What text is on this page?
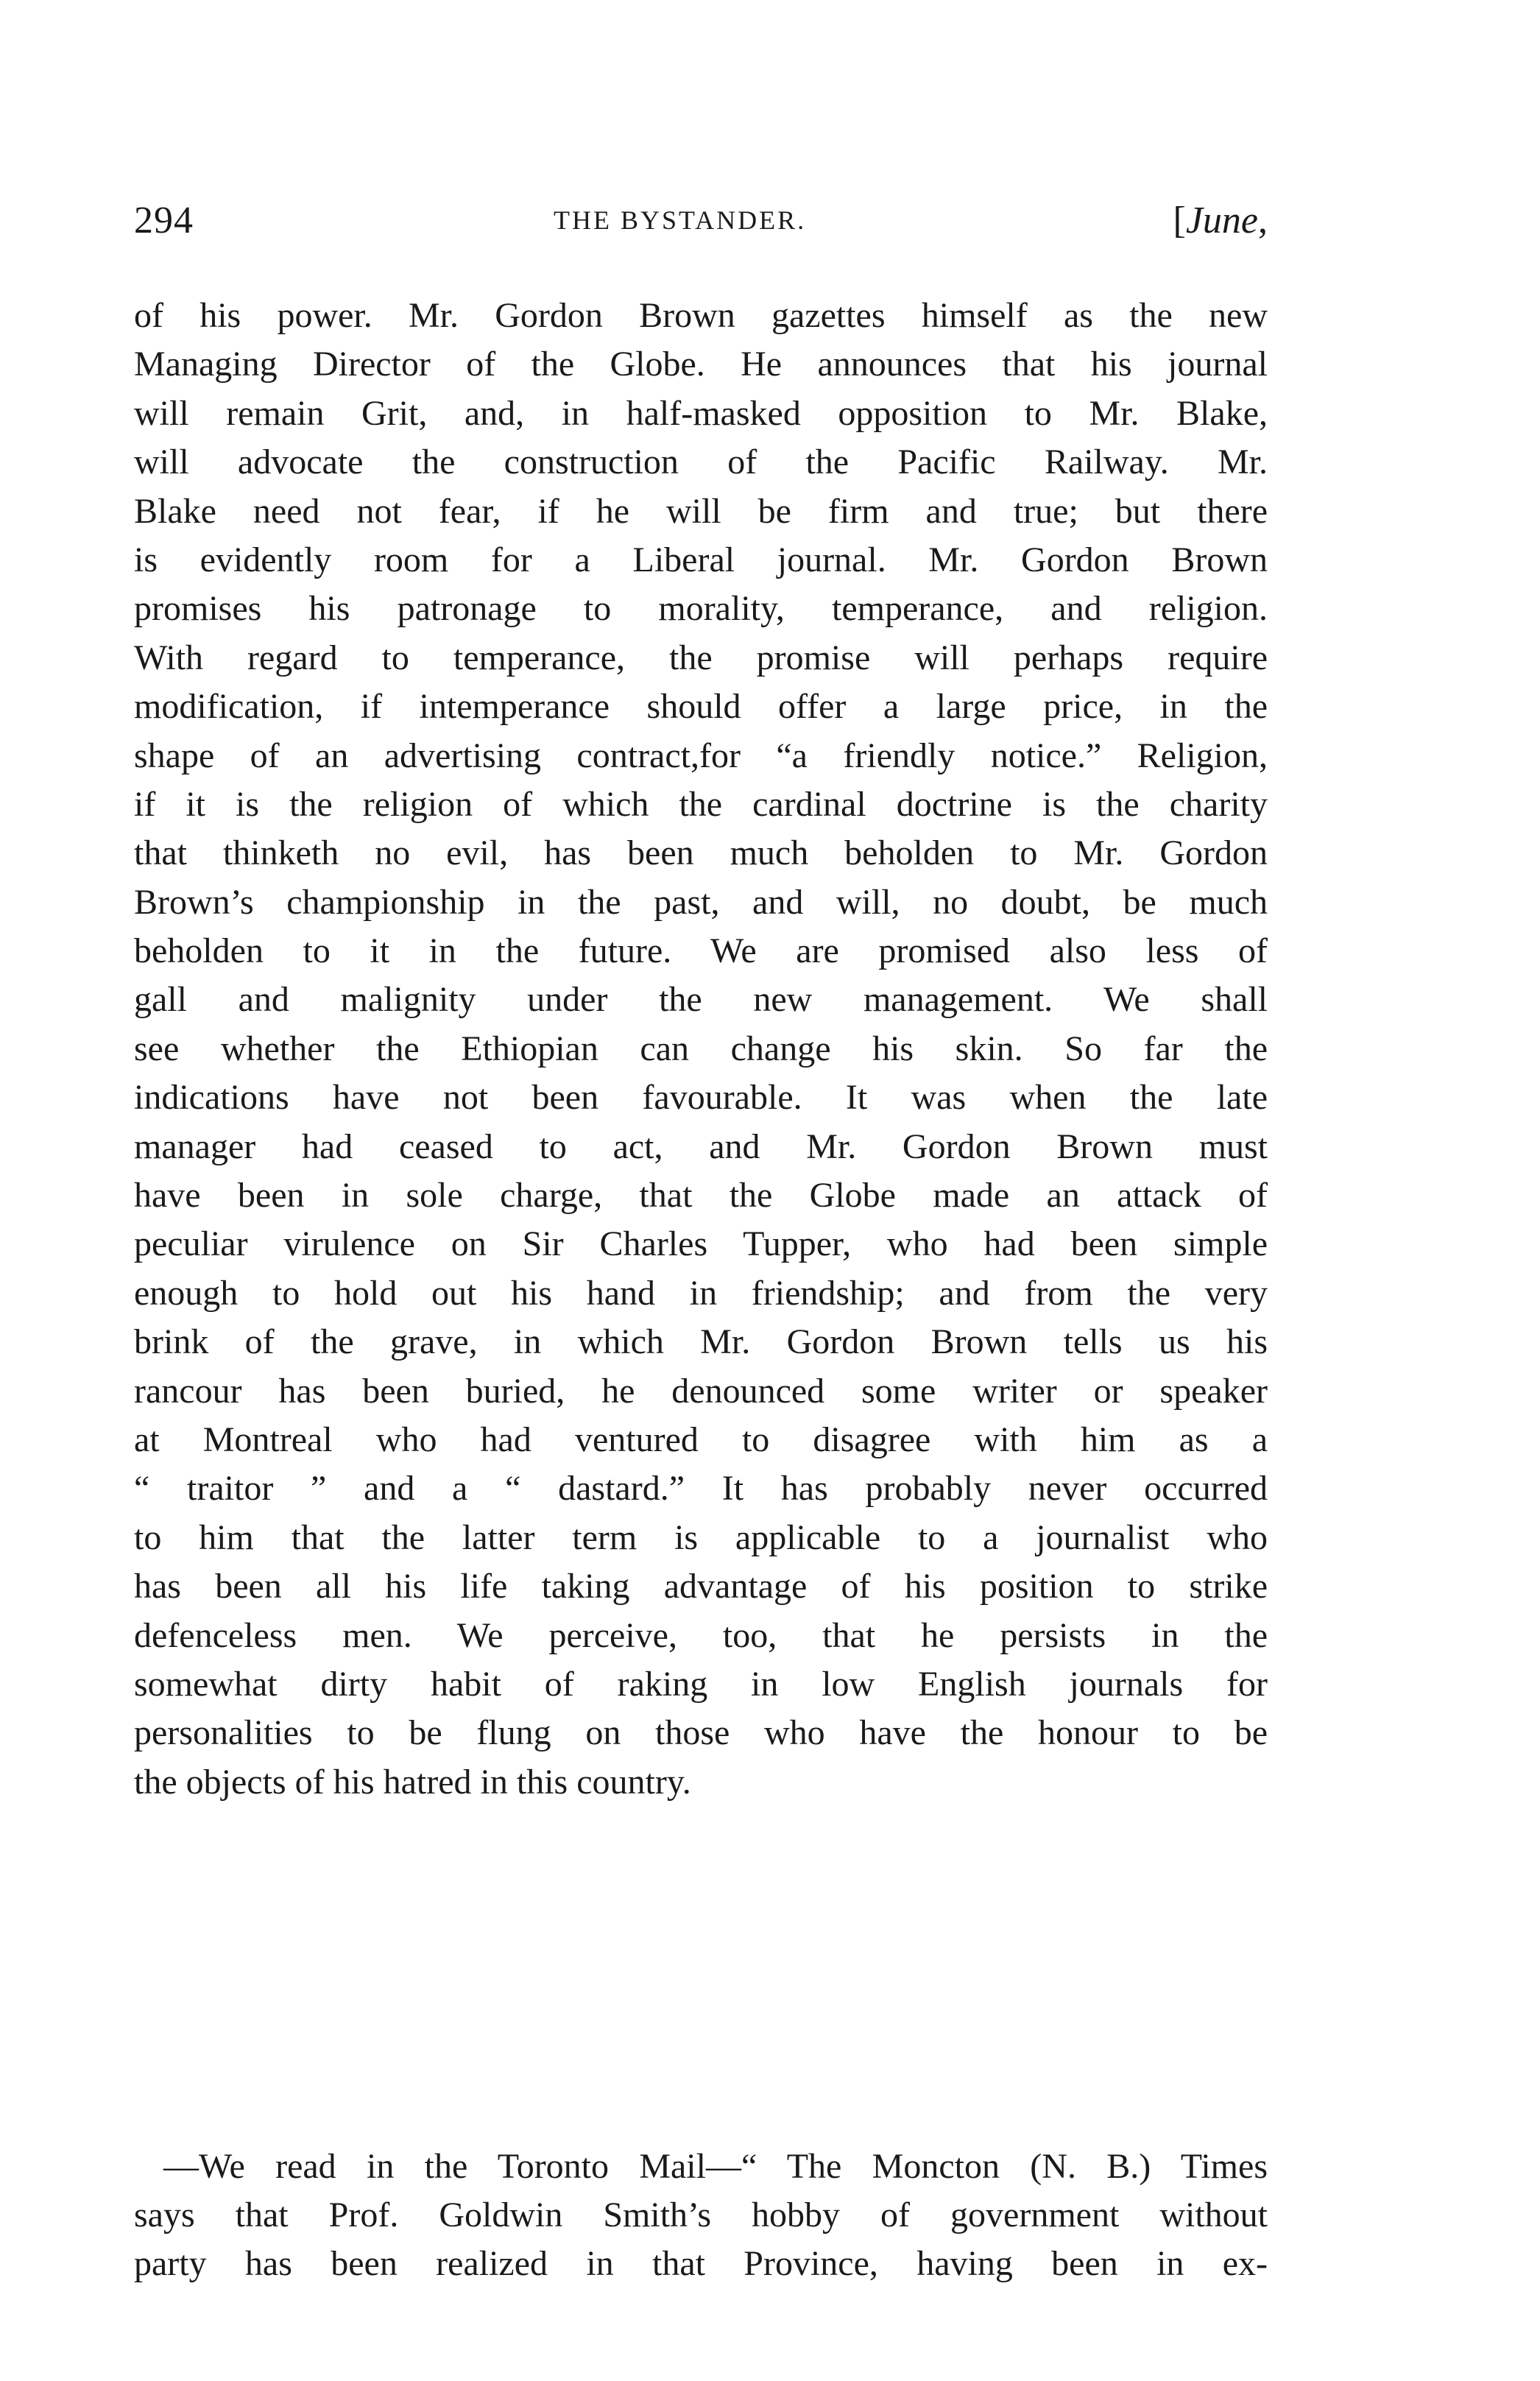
294	THE BYSTANDER.	[June,
of his power. Mr. Gordon Brown gazettes himself as the new
Managing Director of the Globe. He announces that his journal
will remain Grit, and, in half-masked opposition to Mr. Blake,
will advocate the construction of the Pacific Railway. Mr.
Blake need not fear, if he will be firm and true; but there
is evidently room for a Liberal journal. Mr. Gordon Brown
promises his patronage to morality, temperance, and religion.
With regard to temperance, the promise will perhaps require
modification, if intemperance should offer a large price, in the
shape of an advertising contract,for “a friendly notice.” Religion,
if it is the religion of which the cardinal doctrine is the charity
that thinketh no evil, has been much beholden to Mr. Gordon
Brown’s championship in the past, and will, no doubt, be much
beholden to it in the future. We are promised also less of
gall and malignity under the new management. We shall
see whether the Ethiopian can change his skin. So far the
indications have not been favourable. It was when the late
manager had ceased to act, and Mr. Gordon Brown must
have been in sole charge, that the Globe made an attack of
peculiar virulence on Sir Charles Tupper, who had been simple
enough to hold out his hand in friendship; and from the very
brink of the grave, in which Mr. Gordon Brown tells us his
rancour has been buried, he denounced some writer or speaker
at Montreal who had ventured to disagree with him as a
“ traitor ” and a “ dastard.” It has probably never occurred
to him that the latter term is applicable to a journalist who
has been all his life taking advantage of his position to strike
defenceless men. We perceive, too, that he persists in the
somewhat dirty habit of raking in low English journals for
personalities to be flung on those who have the honour to be
the objects of his hatred in this country.
—We read in the Toronto Mail—“ The Moncton (N. B.) Times
says that Prof. Goldwin Smith’s hobby of government without
party has been realized in that Province, having been in ex-
